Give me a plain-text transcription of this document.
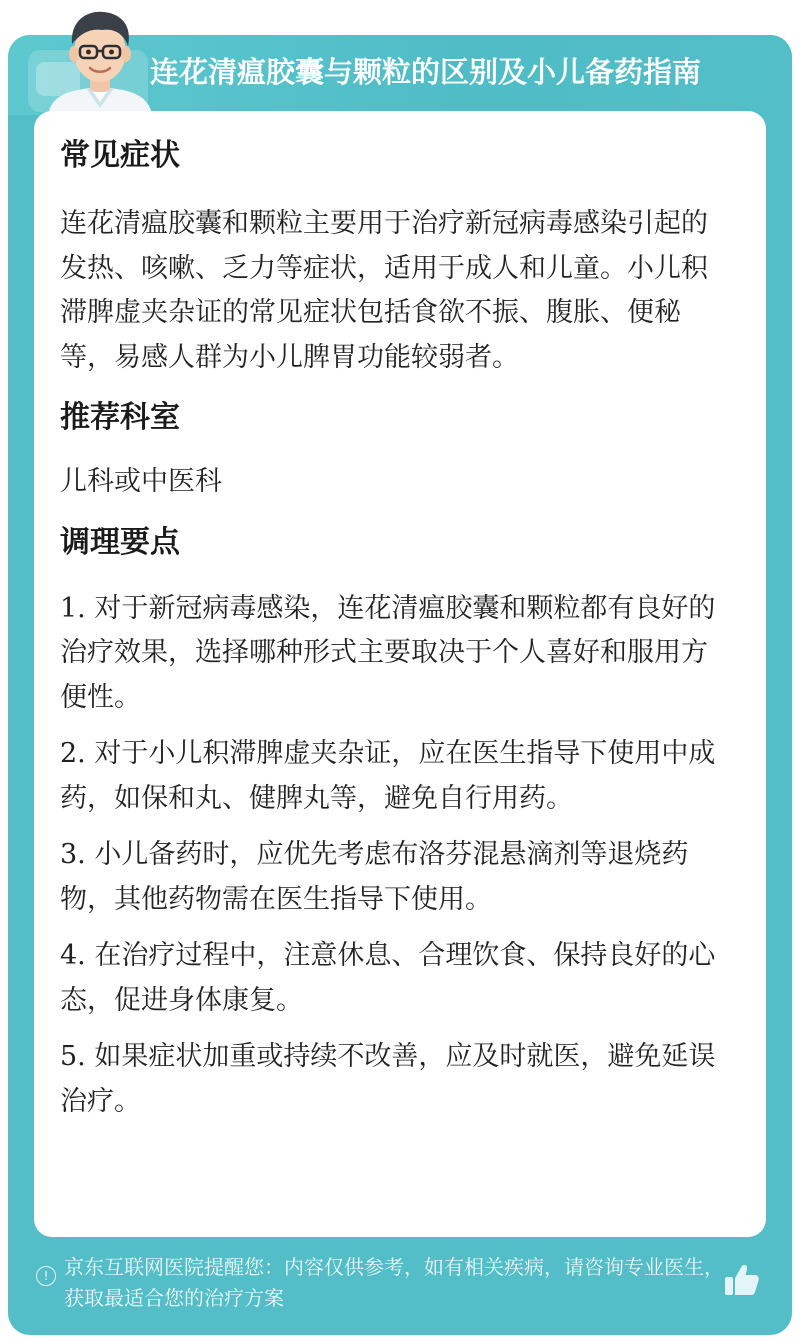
连花清瘟胶囊与颗粒的区别及小儿备药指南
常见症状

连花清瘟胶囊和颗粒主要用于治疗新冠病毒感染引起的发热、咳嗽、乏力等症状，适用于成人和儿童。小儿积滞脾虚夹杂证的常见症状包括食欲不振、腹胀、便秘等，易感人群为小儿脾胃功能较弱者。

推荐科室

儿科或中医科

调理要点
1. 对于新冠病毒感染，连花清瘟胶囊和颗粒都有良好的治疗效果，选择哪种形式主要取决于个人喜好和服用方便性。
2. 对于小儿积滞脾虚夹杂证，应在医生指导下使用中成药，如保和丸、健脾丸等，避免自行用药。
3. 小儿备药时，应优先考虑布洛芬混悬滴剂等退烧药物，其他药物需在医生指导下使用。
4. 在治疗过程中，注意休息、合理饮食、保持良好的心态，促进身体康复。
5. 如果症状加重或持续不改善，应及时就医，避免延误治疗。
! 京东互联网医院提醒您：内容仅供参考，如有相关疾病，请咨询专业医生，获取最适合您的治疗方案
